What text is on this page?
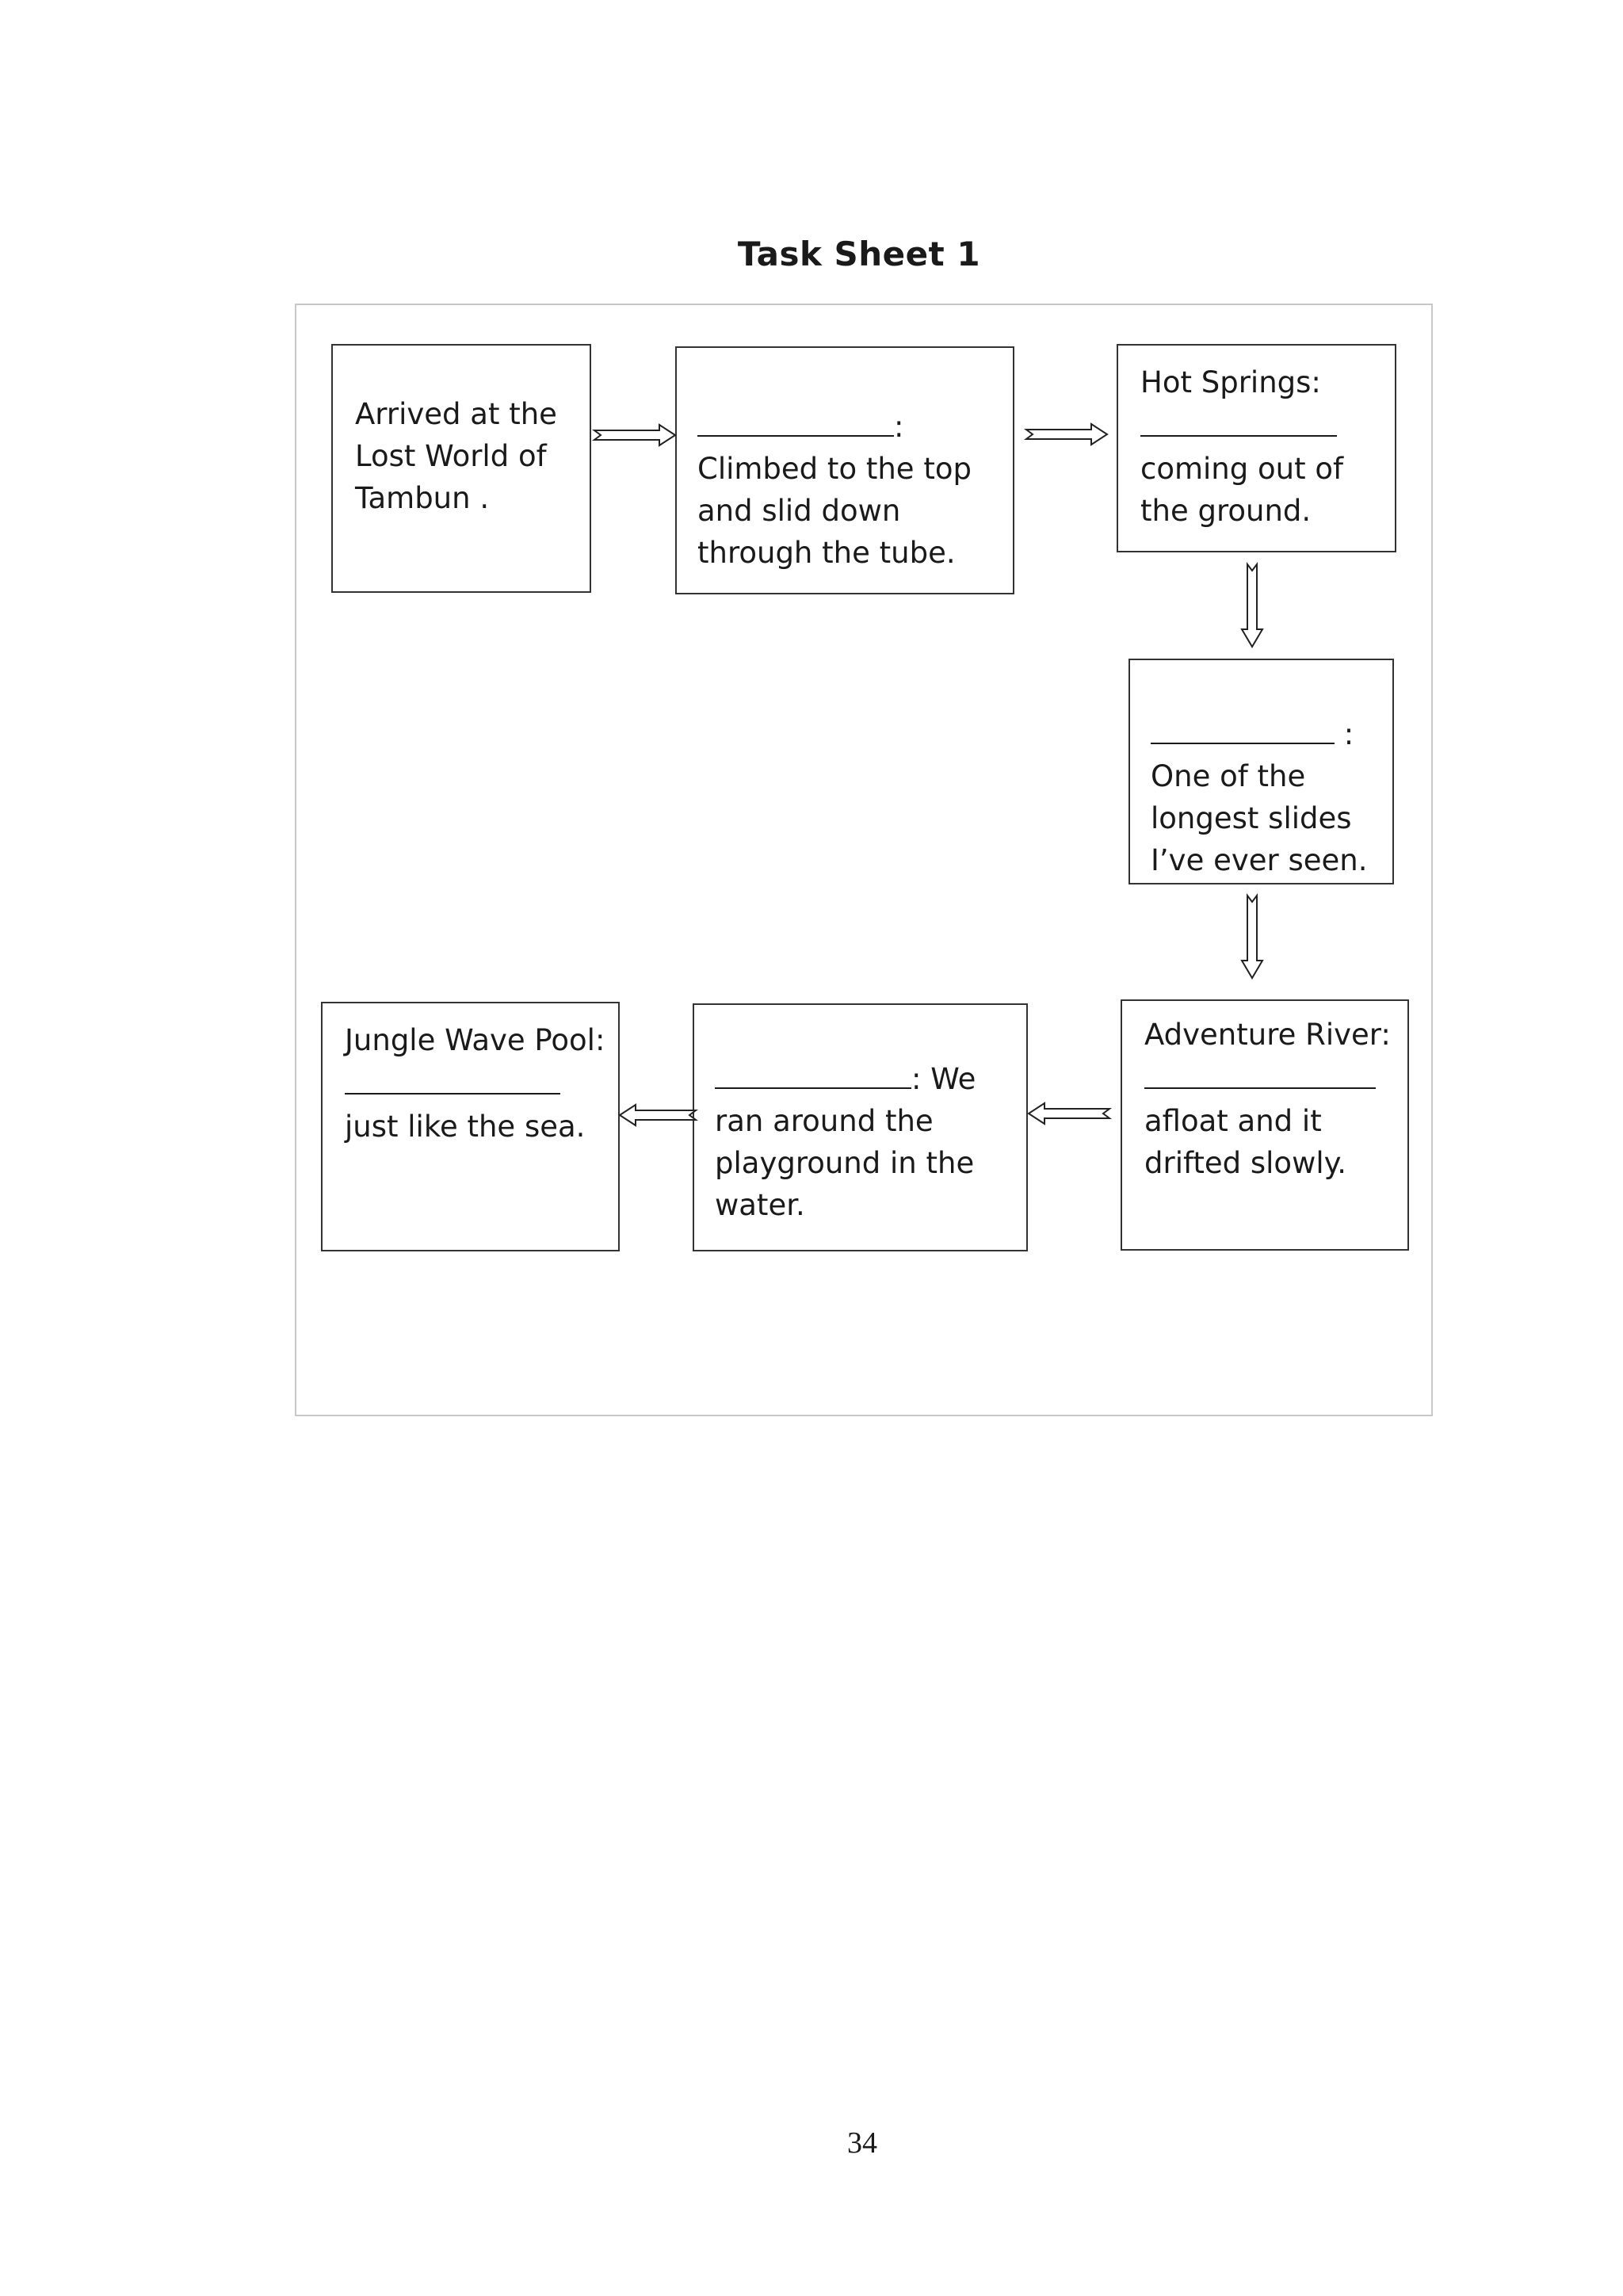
Task Sheet 1
Arrived at the
Lost World of
Tambun .
:
Climbed to the top
and slid down
through the tube.
Hot Springs:
coming out of
the ground.
:
One of the
longest slides
I’ve ever seen.
Adventure River:
afloat and it
drifted slowly.
: We
ran around the
playground in the
water.
Jungle Wave Pool:
just like the sea.
34
